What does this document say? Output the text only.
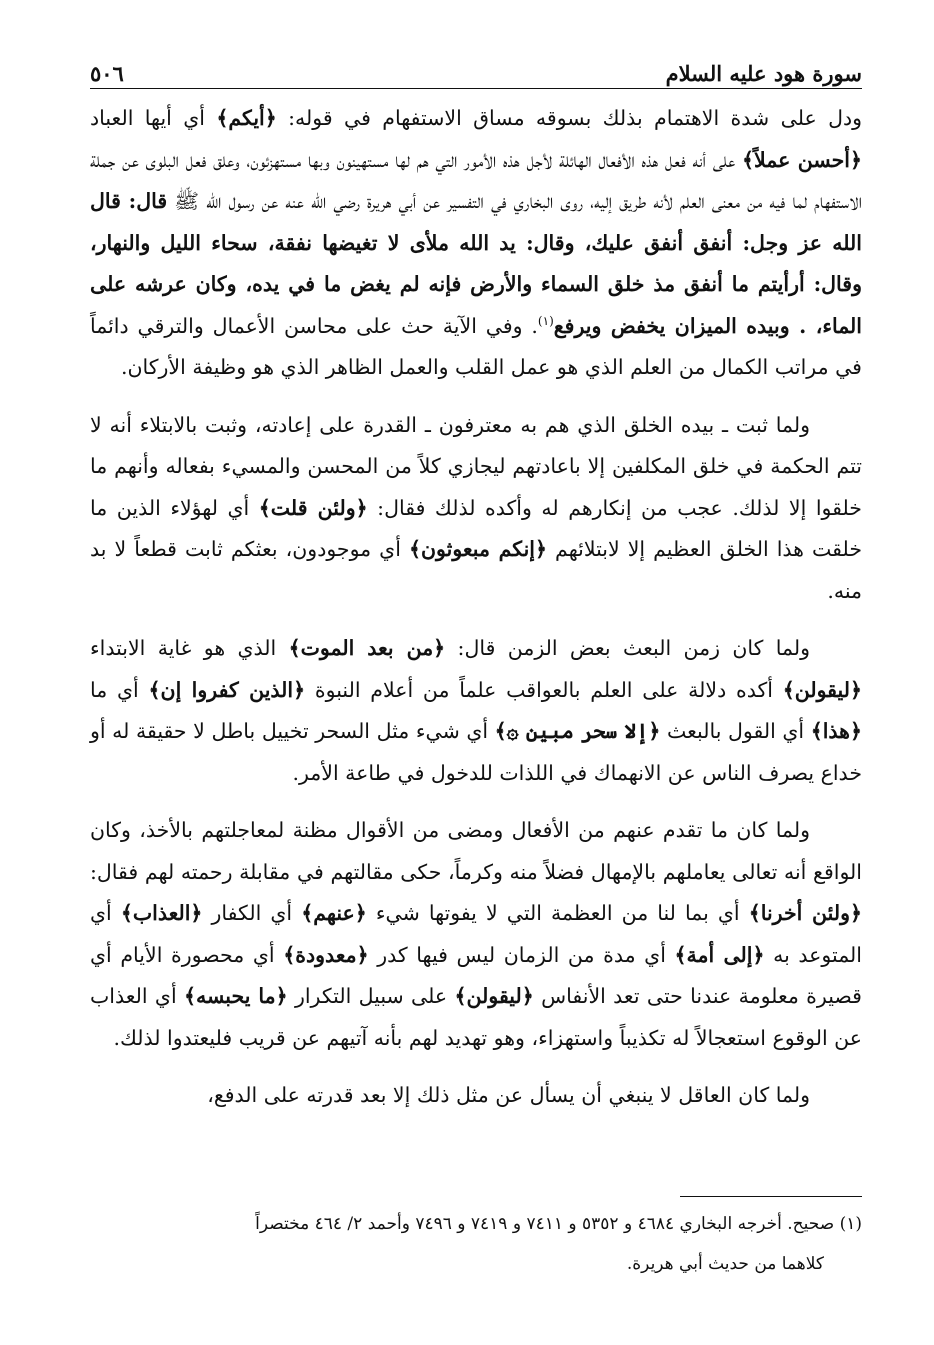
سورة هود عليه السلام
٥٠٦

ودل على شدة الاهتمام بذلك بسوقه مساق الاستفهام في قوله: ﴿أيكم﴾ أي أيها العباد ﴿أحسن عملاً﴾ على أنه فعل هذه الأفعال الهائلة لأجل هذه الأمور التي هم لها مستهينون وبها مستهزئون، وعلق فعل البلوى عن جملة الاستفهام لما فيه من معنى العلم لأنه طريق إليه، روى البخاري في التفسير عن أبي هريرة رضي الله عنه عن رسول الله ﷺ قال: قال الله عز وجل: أنفق أنفق عليك، وقال: يد الله ملأى لا تغيضها نفقة، سحاء الليل والنهار، وقال: أرأيتم ما أنفق مذ خلق السماء والأرض فإنه لم يغض ما في يده، وكان عرشه على الماء، . وبيده الميزان يخفض ويرفع$^{(١)}$. وفي الآية حث على محاسن الأعمال والترقي دائماً في مراتب الكمال من العلم الذي هو عمل القلب والعمل الظاهر الذي هو وظيفة الأركان.

ولما ثبت ـ بيده الخلق الذي هم به معترفون ـ القدرة على إعادته، وثبت بالابتلاء أنه لا تتم الحكمة في خلق المكلفين إلا باعادتهم ليجازي كلاً من المحسن والمسيء بفعاله وأنهم ما خلقوا إلا لذلك. عجب من إنكارهم له وأكده لذلك فقال: ﴿ولئن قلت﴾ أي لهؤلاء الذين ما خلقت هذا الخلق العظيم إلا لابتلائهم ﴿إنكم مبعوثون﴾ أي موجودون، بعثكم ثابت قطعاً لا بد منه.

ولما كان زمن البعث بعض الزمن قال: ﴿من بعد الموت﴾ الذي هو غاية الابتداء ﴿ليقولن﴾ أكده دلالة على العلم بالعواقب علماً من أعلام النبوة ﴿الذين كفروا إن﴾ أي ما ﴿هذا﴾ أي القول بالبعث ﴿إلا سحر مبين ۞﴾ أي شيء مثل السحر تخييل باطل لا حقيقة له أو خداع يصرف الناس عن الانهماك في اللذات للدخول في طاعة الأمر.

ولما كان ما تقدم عنهم من الأفعال ومضى من الأقوال مظنة لمعاجلتهم بالأخذ، وكان الواقع أنه تعالى يعاملهم بالإمهال فضلاً منه وكرماً، حكى مقالتهم في مقابلة رحمته لهم فقال: ﴿ولئن أخرنا﴾ أي بما لنا من العظمة التي لا يفوتها شيء ﴿عنهم﴾ أي الكفار ﴿العذاب﴾ أي المتوعد به ﴿إلى أمة﴾ أي مدة من الزمان ليس فيها كدر ﴿معدودة﴾ أي محصورة الأيام أي قصيرة معلومة عندنا حتى تعد الأنفاس ﴿ليقولن﴾ على سبيل التكرار ﴿ما يحبسه﴾ أي العذاب عن الوقوع استعجالاً له تكذيباً واستهزاء، وهو تهديد لهم بأنه آتيهم عن قريب فليعتدوا لذلك.

ولما كان العاقل لا ينبغي أن يسأل عن مثل ذلك إلا بعد قدرته على الدفع،

(١) صحيح. أخرجه البخاري ٤٦٨٤ و ٥٣٥٢ و ٧٤١١ و ٧٤١٩ و ٧٤٩٦ وأحمد ٢/ ٤٦٤ مختصراً
كلاهما من حديث أبي هريرة.
